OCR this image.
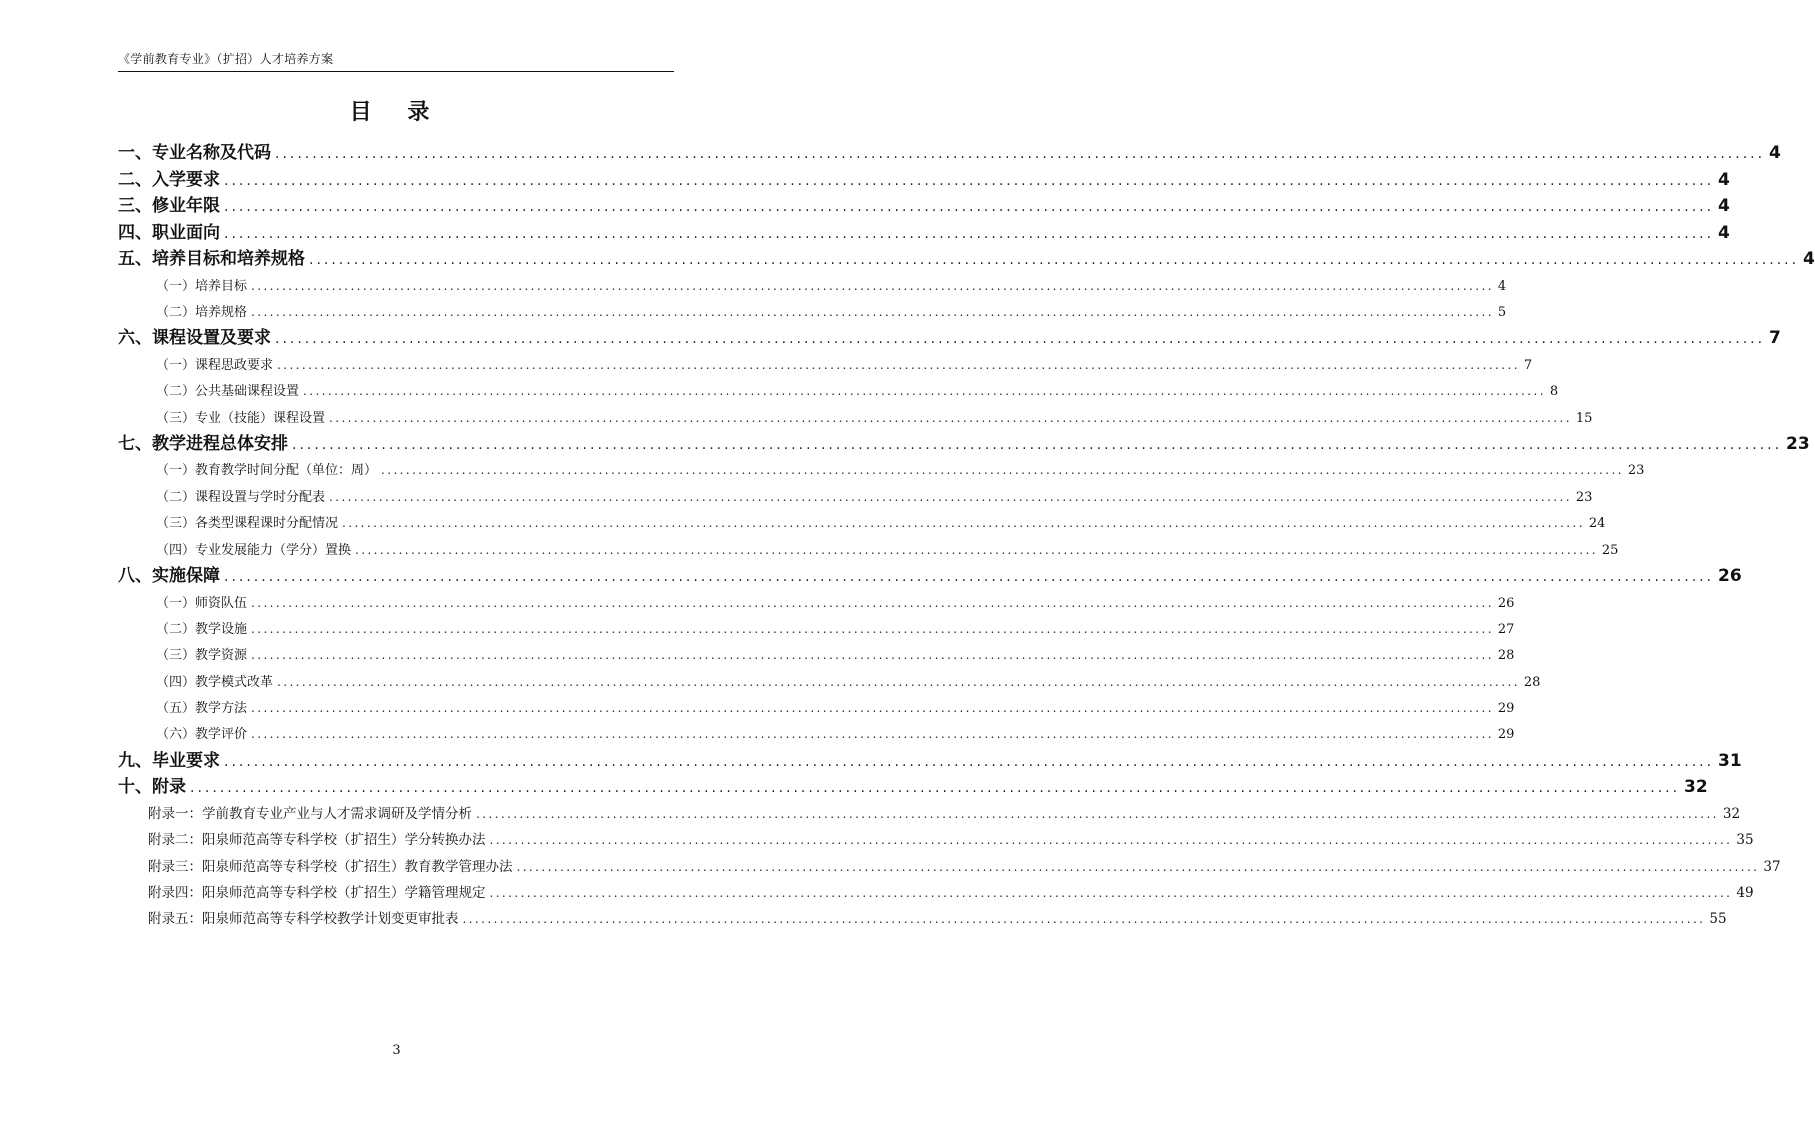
《学前教育专业》（扩招）人才培养方案
目 录
一、专业名称及代码 ........................................................................................................................................................................................................ 4
二、入学要求 ........................................................................................................................................................................................................ 4
三、修业年限 ........................................................................................................................................................................................................ 4
四、职业面向 ........................................................................................................................................................................................................ 4
五、培养目标和培养规格 ........................................................................................................................................................................................................ 4
（一）培养目标 ........................................................................................................................................................................................................ 4
（二）培养规格 ........................................................................................................................................................................................................ 5
六、课程设置及要求 ........................................................................................................................................................................................................ 7
（一）课程思政要求 ........................................................................................................................................................................................................ 7
（二）公共基础课程设置 ........................................................................................................................................................................................................ 8
（三）专业（技能）课程设置 ........................................................................................................................................................................................................ 15
七、教学进程总体安排 ........................................................................................................................................................................................................ 23
（一）教育教学时间分配（单位：周） ........................................................................................................................................................................................................ 23
（二）课程设置与学时分配表 ........................................................................................................................................................................................................ 23
（三）各类型课程课时分配情况 ........................................................................................................................................................................................................ 24
（四）专业发展能力（学分）置换 ........................................................................................................................................................................................................ 25
八、实施保障 ........................................................................................................................................................................................................ 26
（一）师资队伍 ........................................................................................................................................................................................................ 26
（二）教学设施 ........................................................................................................................................................................................................ 27
（三）教学资源 ........................................................................................................................................................................................................ 28
（四）教学模式改革 ........................................................................................................................................................................................................ 28
（五）教学方法 ........................................................................................................................................................................................................ 29
（六）教学评价 ........................................................................................................................................................................................................ 29
九、毕业要求 ........................................................................................................................................................................................................ 31
十、附录 ........................................................................................................................................................................................................ 32
附录一：学前教育专业产业与人才需求调研及学情分析 ........................................................................................................................................................................................................ 32
附录二：阳泉师范高等专科学校（扩招生）学分转换办法 ........................................................................................................................................................................................................ 35
附录三：阳泉师范高等专科学校（扩招生）教育教学管理办法 ........................................................................................................................................................................................................ 37
附录四：阳泉师范高等专科学校（扩招生）学籍管理规定 ........................................................................................................................................................................................................ 49
附录五：阳泉师范高等专科学校教学计划变更审批表 ........................................................................................................................................................................................................ 55
3
